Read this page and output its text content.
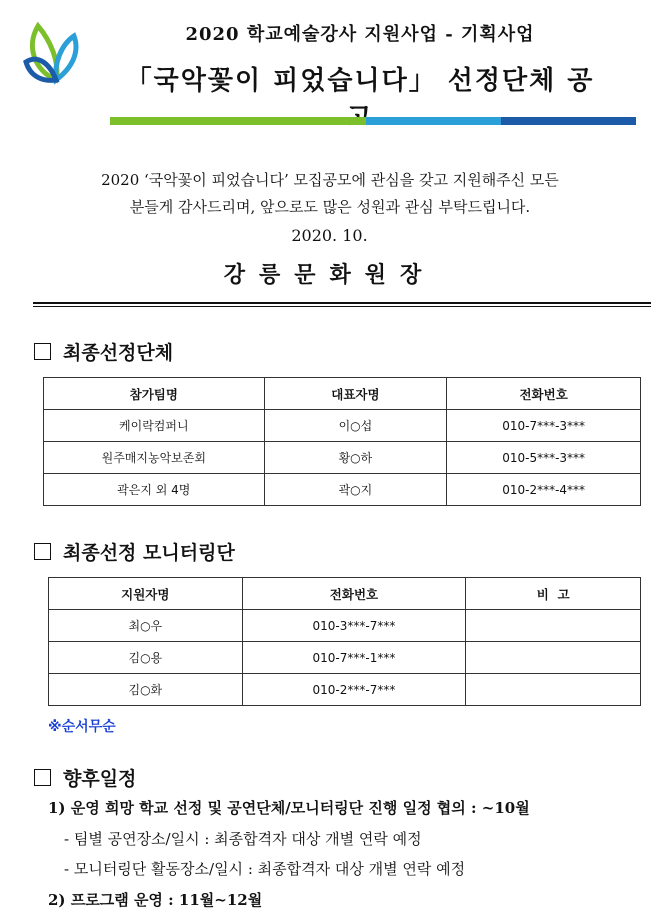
2020 학교예술강사 지원사업 - 기획사업
「국악꽃이 피었습니다」 선정단체 공
2020 ‘국악꽃이 피었습니다’ 모집공모에 관심을 갖고 지원해주신 모든
분들게 감사드리며, 앞으로도 많은 성원과 관심 부탁드립니다.
2020. 10.
강릉문화원장
최종선정단체
참가팀명	대표자명	전화번호
케이락컴퍼니	이○섭	010-7***-3***
원주매지농악보존회	황○하	010-5***-3***
곽은지 외 4명	곽○지	010-2***-4***
최종선정 모니터링단
지원자명	전화번호	비  고
최○우	010-3***-7***	
김○용	010-7***-1***	
김○화	010-2***-7***	
※순서무순
향후일정
1) 운영 희망 학교 선정 및 공연단체/모니터링단 진행 일정 협의 : ~10월
- 팀별 공연장소/일시 : 최종합격자 대상 개별 연락 예정
- 모니터링단 활동장소/일시 : 최종합격자 대상 개별 연락 예정
2) 프로그램 운영 : 11월~12월
